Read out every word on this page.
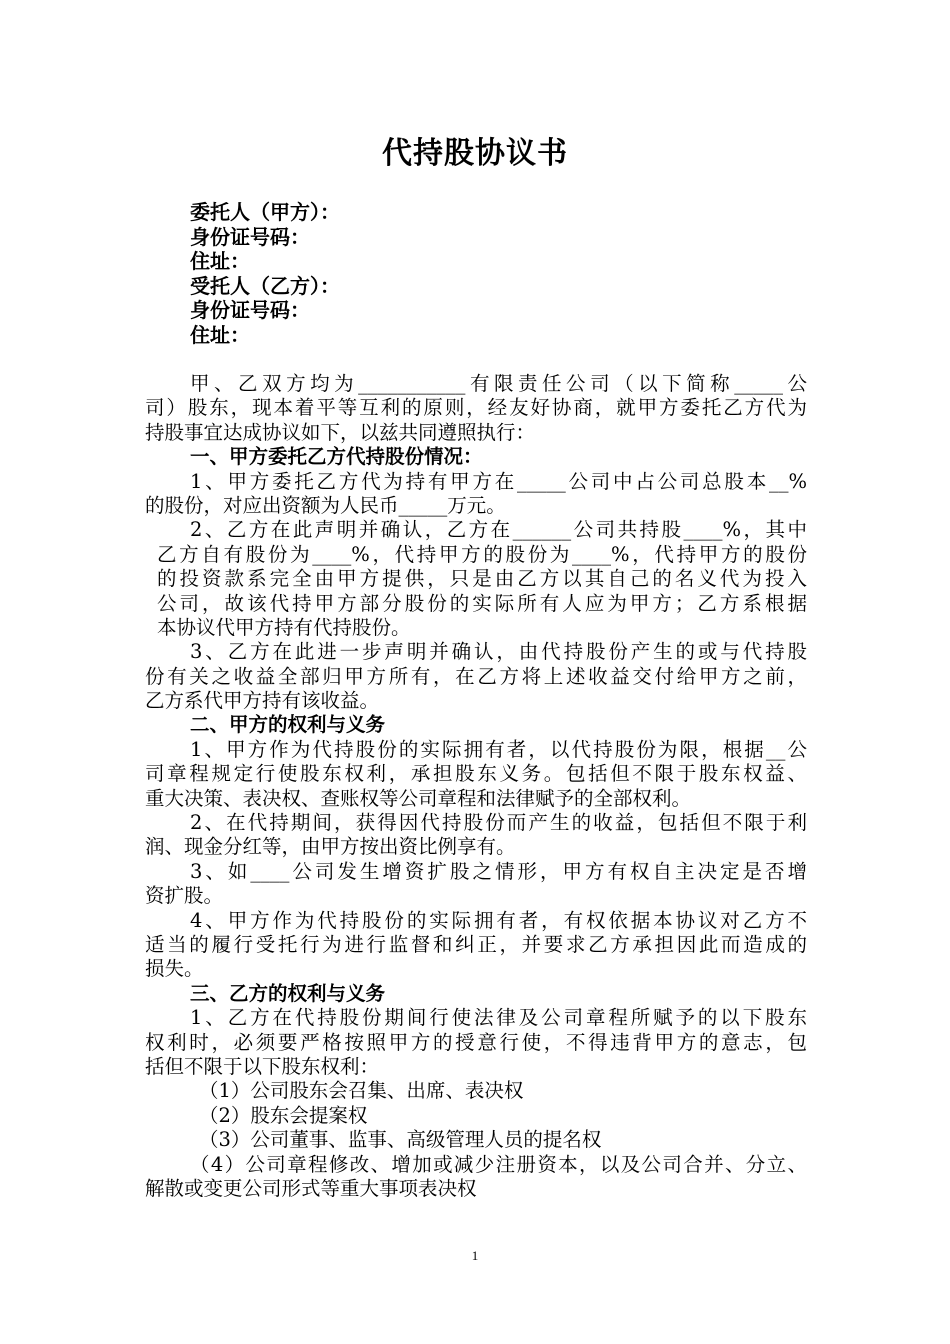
代持股协议书
委托人（甲方）：
身份证号码：
住址：
受托人（乙方）：
身份证号码：
住址：
甲、乙双方均为___________有限责任公司（以下简称_____公
司）股东，现本着平等互利的原则，经友好协商，就甲方委托乙方代为
持股事宜达成协议如下，以兹共同遵照执行：
一、甲方委托乙方代持股份情况：
1、甲方委托乙方代为持有甲方在_____公司中占公司总股本__%
的股份，对应出资额为人民币_____万元。
2、乙方在此声明并确认，乙方在______公司共持股____%，其中
乙方自有股份为____%，代持甲方的股份为____%，代持甲方的股份
的投资款系完全由甲方提供，只是由乙方以其自己的名义代为投入
公司，故该代持甲方部分股份的实际所有人应为甲方；乙方系根据
本协议代甲方持有代持股份。
3、乙方在此进一步声明并确认，由代持股份产生的或与代持股
份有关之收益全部归甲方所有，在乙方将上述收益交付给甲方之前，
乙方系代甲方持有该收益。
二、甲方的权利与义务
1、甲方作为代持股份的实际拥有者，以代持股份为限，根据__公
司章程规定行使股东权利，承担股东义务。包括但不限于股东权益、
重大决策、表决权、查账权等公司章程和法律赋予的全部权利。
2、在代持期间，获得因代持股份而产生的收益，包括但不限于利
润、现金分红等，由甲方按出资比例享有。
3、如____公司发生增资扩股之情形，甲方有权自主决定是否增
资扩股。
4、甲方作为代持股份的实际拥有者，有权依据本协议对乙方不
适当的履行受托行为进行监督和纠正，并要求乙方承担因此而造成的
损失。
三、乙方的权利与义务
1、乙方在代持股份期间行使法律及公司章程所赋予的以下股东
权利时，必须要严格按照甲方的授意行使，不得违背甲方的意志，包
括但不限于以下股东权利：
（1）公司股东会召集、出席、表决权
（2）股东会提案权
（3）公司董事、监事、高级管理人员的提名权
（4）公司章程修改、增加或减少注册资本，以及公司合并、分立、
解散或变更公司形式等重大事项表决权
1
